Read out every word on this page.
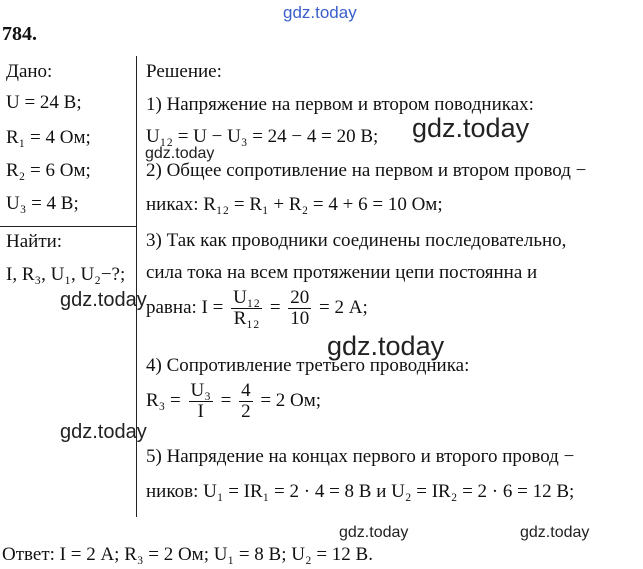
gdz.today
784.
Дано:
U = 24 В;
R₁ = 4 Ом;
R₂ = 6 Ом;
U₃ = 4 В;
Найти:
I, R₃, U₁, U₂−?;
Решение:
1) Напряжение на первом и втором поводниках:
U₁₂ = U − U₃ = 24 − 4 = 20 В;
2) Общее сопротивление на первом и втором провод −
никах: R₁₂ = R₁ + R₂ = 4 + 6 = 10 Ом;
3) Так как проводники соединены последовательно,
сила тока на всем протяжении цепи постоянна и
равна: $I = \frac{\text{U₁₂}}{\text{R₁₂}} = \frac{20}{10} = 2$ А;
4) Сопротивление третьего проводника:
$R_3 = \frac{\text{U₃}}{I} = \frac{4}{2} = 2$ Ом;
5) Напрядение на концах первого и второго провод −
ников: U₁ = IR₁ = 2 · 4 = 8 В и U₂ = IR₂ = 2 · 6 = 12 В;
Ответ: I = 2 А; R₃ = 2 Ом; U₁ = 8 В; U₂ = 12 В.
gdz.today
gdz.today
gdz.today
gdz.today
gdz.today
gdz.today	gdz.today
